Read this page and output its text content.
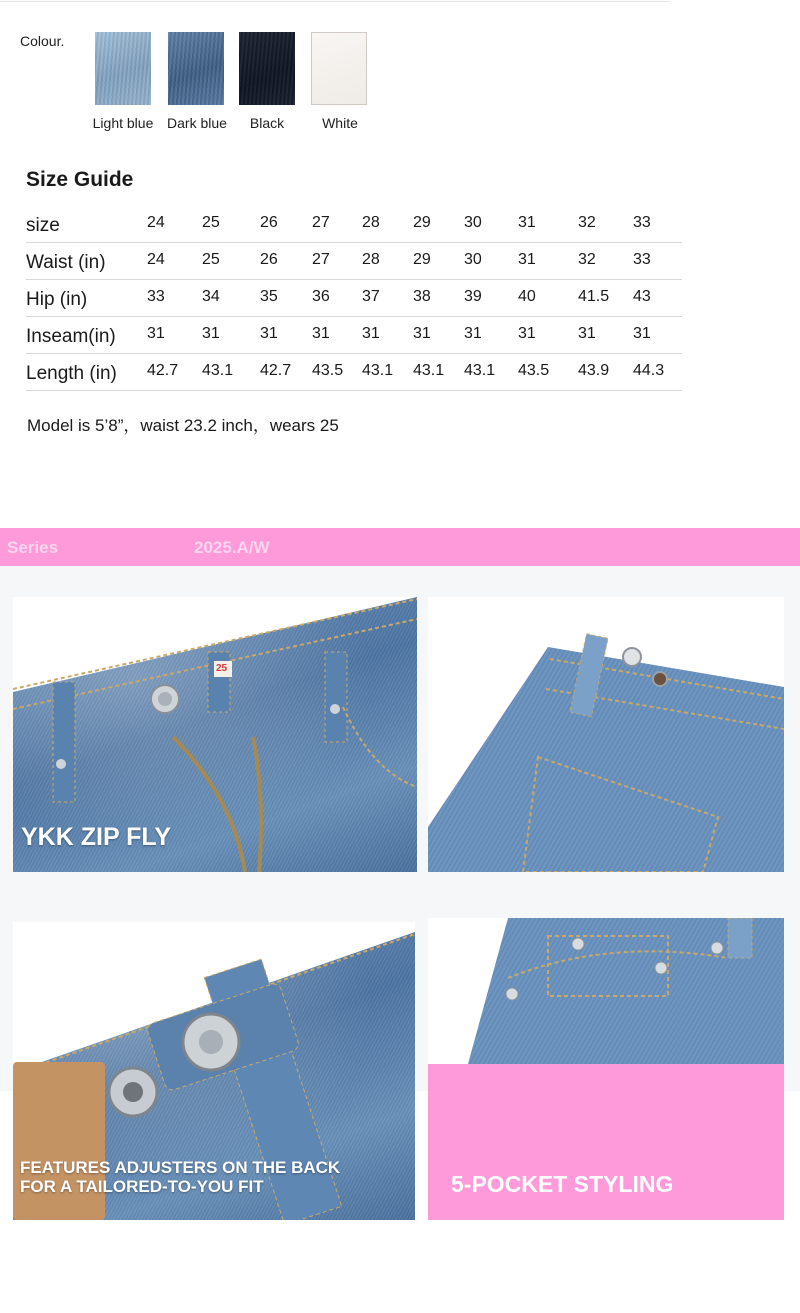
Colour.
Light blue Dark blue	Black	White
Size Guide
size	24 25	26 27 28 29 30 31	32 33
Waist (in)	24 25	26 27 28 29 30 31	32 33
Hip (in)	33 34	35 36 37 38 39 40	41.5 43
Inseam(in) 31 31	31 31 31 31 31 31	31 31
Length (in) 42.7 43.1 42.7 43.5 43.1 43.1 43.1 43.5 43.9 44.3
Model is 5’8”，waist 23.2 inch，wears 25
Series	2025.A/W
25
YKK ZIP FLY
FEATURES ADJUSTERS ON THE BACK
FOR A TAILORED-TO-YOU FIT	5-POCKET STYLING
